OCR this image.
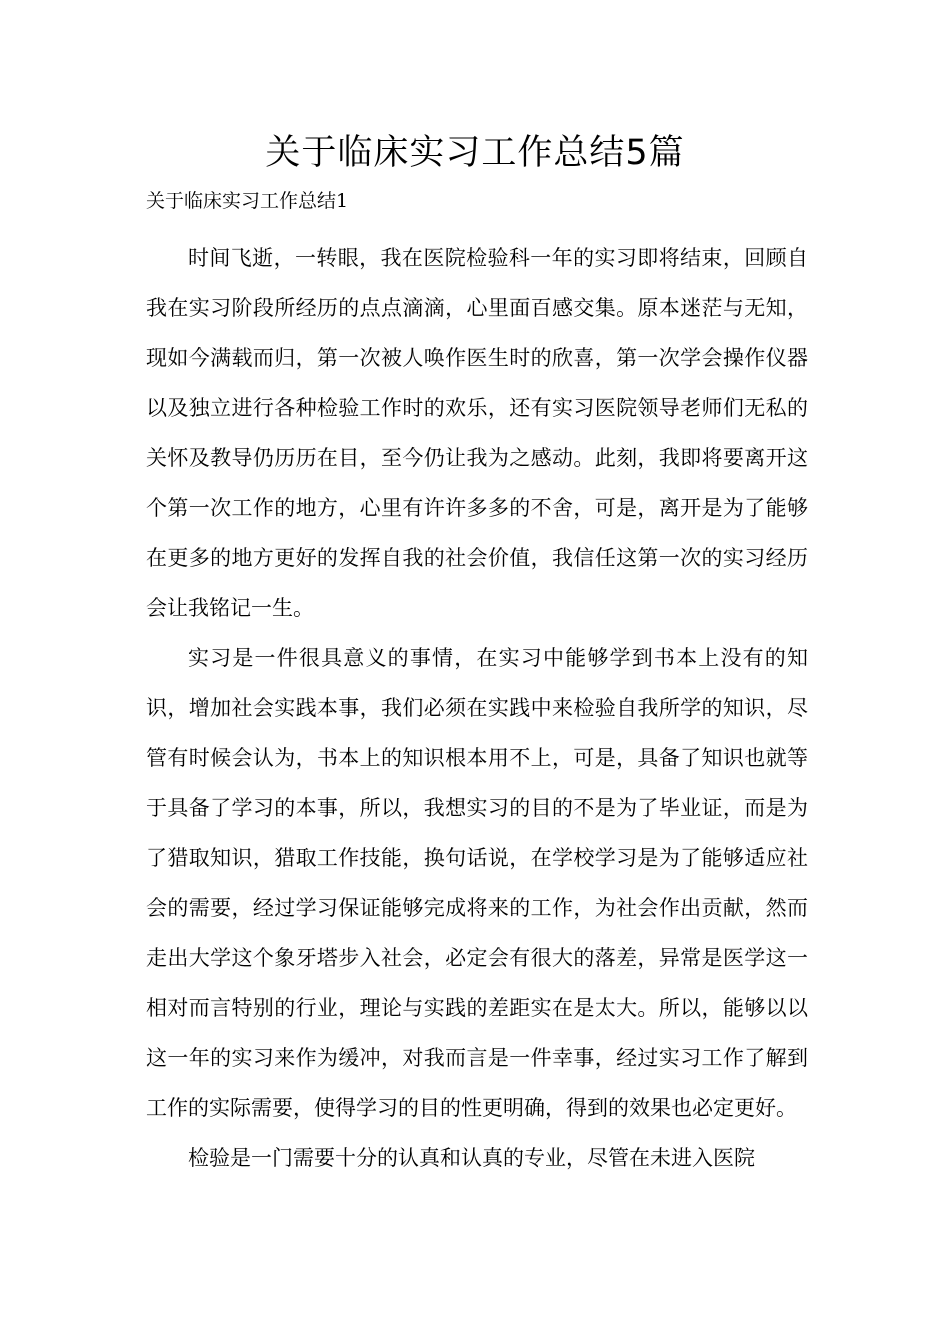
关于临床实习工作总结5篇
关于临床实习工作总结1

时间飞逝，一转眼，我在医院检验科一年的实习即将结束，回顾自我在实习阶段所经历的点点滴滴，心里面百感交集。原本迷茫与无知，现如今满载而归，第一次被人唤作医生时的欣喜，第一次学会操作仪器以及独立进行各种检验工作时的欢乐，还有实习医院领导老师们无私的关怀及教导仍历历在目，至今仍让我为之感动。此刻，我即将要离开这个第一次工作的地方，心里有许许多多的不舍，可是，离开是为了能够在更多的地方更好的发挥自我的社会价值，我信任这第一次的实习经历会让我铭记一生。

实习是一件很具意义的事情，在实习中能够学到书本上没有的知识，增加社会实践本事，我们必须在实践中来检验自我所学的知识，尽管有时候会认为，书本上的知识根本用不上，可是，具备了知识也就等于具备了学习的本事，所以，我想实习的目的不是为了毕业证，而是为了猎取知识，猎取工作技能，换句话说，在学校学习是为了能够适应社会的需要，经过学习保证能够完成将来的工作，为社会作出贡献，然而走出大学这个象牙塔步入社会，必定会有很大的落差，异常是医学这一相对而言特别的行业，理论与实践的差距实在是太大。所以，能够以以这一年的实习来作为缓冲，对我而言是一件幸事，经过实习工作了解到工作的实际需要，使得学习的目的性更明确，得到的效果也必定更好。

检验是一门需要十分的认真和认真的专业，尽管在未进入医院
